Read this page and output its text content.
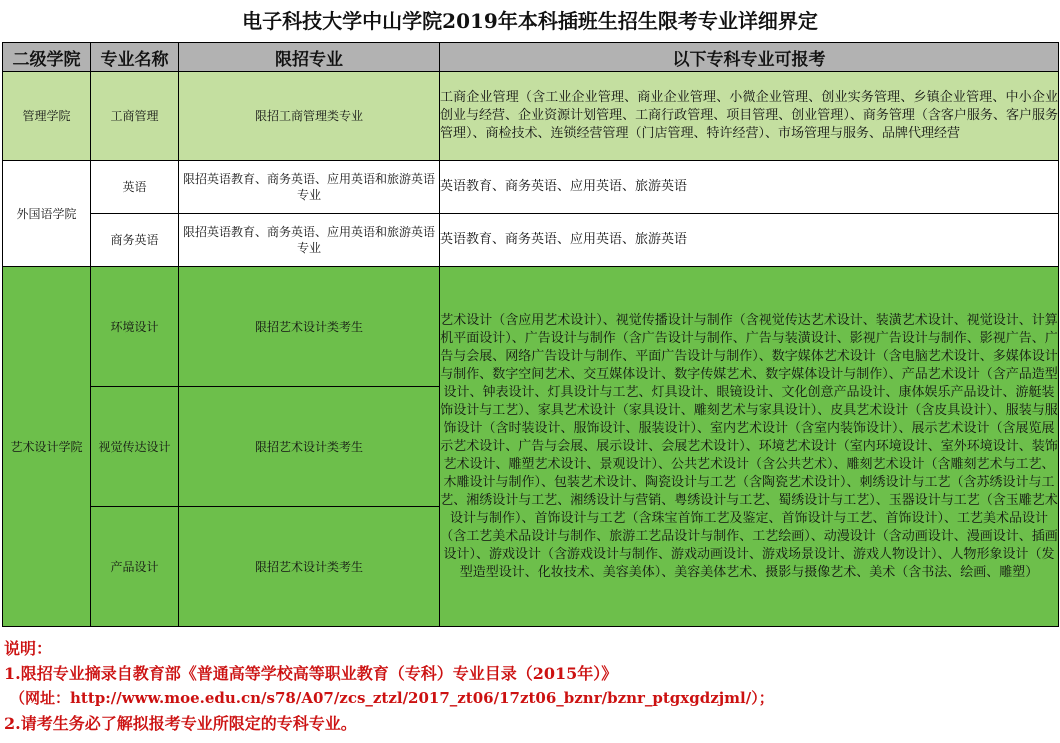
电子科技大学中山学院2019年本科插班生招生限考专业详细界定
二级学院	专业名称	限招专业	以下专科专业可报考
管理学院	工商管理	限招工商管理类专业	工商企业管理（含工业企业管理、商业企业管理、小微企业管理、创业实务管理、乡镇企业管理、中小企业创业与经营、企业资源计划管理、工商行政管理、项目管理、创业管理）、商务管理（含客户服务、客户服务管理）、商检技术、连锁经营管理（门店管理、特许经营）、市场管理与服务、品牌代理经营
外国语学院	英语	限招英语教育、商务英语、应用英语和旅游英语专业	英语教育、商务英语、应用英语、旅游英语
	商务英语	限招英语教育、商务英语、应用英语和旅游英语专业	英语教育、商务英语、应用英语、旅游英语
艺术设计学院	环境设计	限招艺术设计类考生	艺术设计（含应用艺术设计）、视觉传播设计与制作（含视觉传达艺术设计、装潢艺术设计、视觉设计、计算机平面设计）、广告设计与制作（含广告设计与制作、广告与装潢设计、影视广告设计与制作、影视广告、广告与会展、网络广告设计与制作、平面广告设计与制作）、数字媒体艺术设计（含电脑艺术设计、多媒体设计与制作、数字空间艺术、交互媒体设计、数字传媒艺术、数字媒体设计与制作）、产品艺术设计（含产品造型设计、钟表设计、灯具设计与工艺、灯具设计、眼镜设计、文化创意产品设计、康体娱乐产品设计、游艇装饰设计与工艺）、家具艺术设计（家具设计、雕刻艺术与家具设计）、皮具艺术设计（含皮具设计）、服装与服饰设计（含时装设计、服饰设计、服装设计）、室内艺术设计（含室内装饰设计）、展示艺术设计（含展览展示艺术设计、广告与会展、展示设计、会展艺术设计）、环境艺术设计（室内环境设计、室外环境设计、装饰艺术设计、雕塑艺术设计、景观设计）、公共艺术设计（含公共艺术）、雕刻艺术设计（含雕刻艺术与工艺、木雕设计与制作）、包装艺术设计、陶瓷设计与工艺（含陶瓷艺术设计）、刺绣设计与工艺（含苏绣设计与工艺、湘绣设计与工艺、湘绣设计与营销、粤绣设计与工艺、蜀绣设计与工艺）、玉器设计与工艺（含玉雕艺术设计与制作）、首饰设计与工艺（含珠宝首饰工艺及鉴定、首饰设计与工艺、首饰设计）、工艺美术品设计（含工艺美术品设计与制作、旅游工艺品设计与制作、工艺绘画）、动漫设计（含动画设计、漫画设计、插画设计）、游戏设计（含游戏设计与制作、游戏动画设计、游戏场景设计、游戏人物设计）、人物形象设计（发型造型设计、化妆技术、美容美体）、美容美体艺术、摄影与摄像艺术、美术（含书法、绘画、雕塑）
	视觉传达设计	限招艺术设计类考生	
	产品设计	限招艺术设计类考生	
说明：
1.限招专业摘录自教育部《普通高等学校高等职业教育（专科）专业目录（2015年）》
（网址：http://www.moe.edu.cn/s78/A07/zcs_ztzl/2017_zt06/17zt06_bznr/bznr_ptgxgdzjml/）；
2.请考生务必了解拟报考专业所限定的专科专业。
